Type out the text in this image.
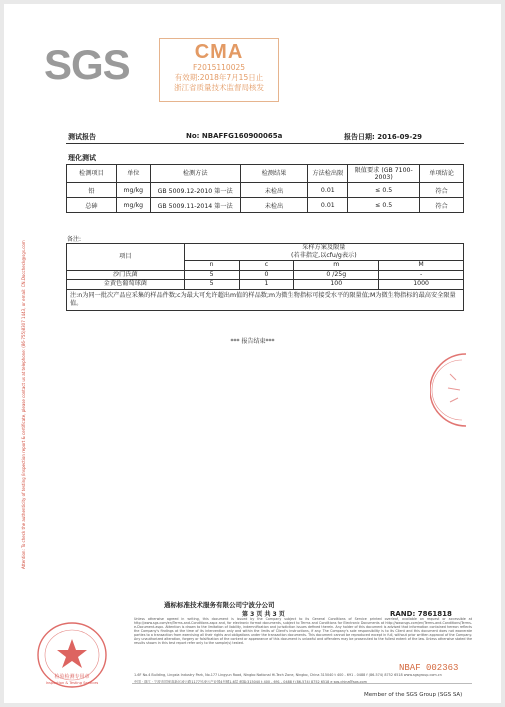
SGS	CMA
F2015110025
有效期:2018年7月15日止
浙江省质量技术监督局核发
Attention: To check the authenticity of testing /inspection report & certificate, please contact us at telephone: (86-755)8307 1443, or email: CN.Doccheck@sgs.com
测试报告	No: NBAFFG160900065a	报告日期: 2016-09-29
理化测试
检测项目	单位	检测方法	检测结果	方法检出限	限值要求 (GB 7100-2003)	单项结论
铅	mg/kg	GB 5009.12-2010 第一法	未检出	0.01	≤ 0.5	符合
总砷	mg/kg	GB 5009.11-2014 第一法	未检出	0.01	≤ 0.5	符合
备注:
项目	采样方案及限量
(若非指定,以cfu/g表示)			

	n	c	m	M
沙门氏菌	5	0	0 /25g	-
金黄色葡萄球菌	5	1	100	1000
注:n为同一批次产品应采集的样品件数;c为最大可允许超出m值的样品数;m为微生物指标可接受水平的限量值;M为微生物指标的最高安全限量值。				
*** 报告结束***
通标标准技术服务有限公司宁波分公司
第 3 页 共 3 页	RAND: 7861818
Unless otherwise agreed in writing, this document is issued by the Company subject to its General Conditions of Service printed overleaf, available on request or accessible at http://www.sgs.com/en/Terms-and-Conditions.aspx and, for electronic format documents, subject to Terms and Conditions for Electronic Documents at http://www.sgs.com/en/Terms-and-Conditions/Terms-e-Document.aspx. Attention is drawn to the limitation of liability, indemnification and jurisdiction issues defined therein. Any holder of this document is advised that information contained hereon reflects the Company's findings at the time of its intervention only and within the limits of Client's instructions, if any. The Company's sole responsibility is to its Client and this document does not exonerate parties to a transaction from exercising all their rights and obligations under the transaction documents. This document cannot be reproduced except in full, without prior written approval of the Company. Any unauthorized alteration, forgery or falsification of the content or appearance of this document is unlawful and offenders may be prosecuted to the fullest extent of the law. Unless otherwise stated the results shown in this test report refer only to the sample(s) tested.
检验检测专用章
Inspection & Testing Services
NBAF 002363
1-6F No.4 Building, Lingxia Industry Park, No.177 Lingyun Road, Ningbo National Hi-Tech Zone, Ningbo, China 315040 t 400 - 691 - 0488 f (86-574) 8752 6518 www.sgsgroup.com.cn
中国 · 浙江 · 宁波市国家高新区凌云路1177号凌云产业园4号楼1-6层 邮编:315040 t 400 - 691 - 0488 f (86-574) 8752 6518 e sgs.china@sgs.com
Member of the SGS Group (SGS SA)
